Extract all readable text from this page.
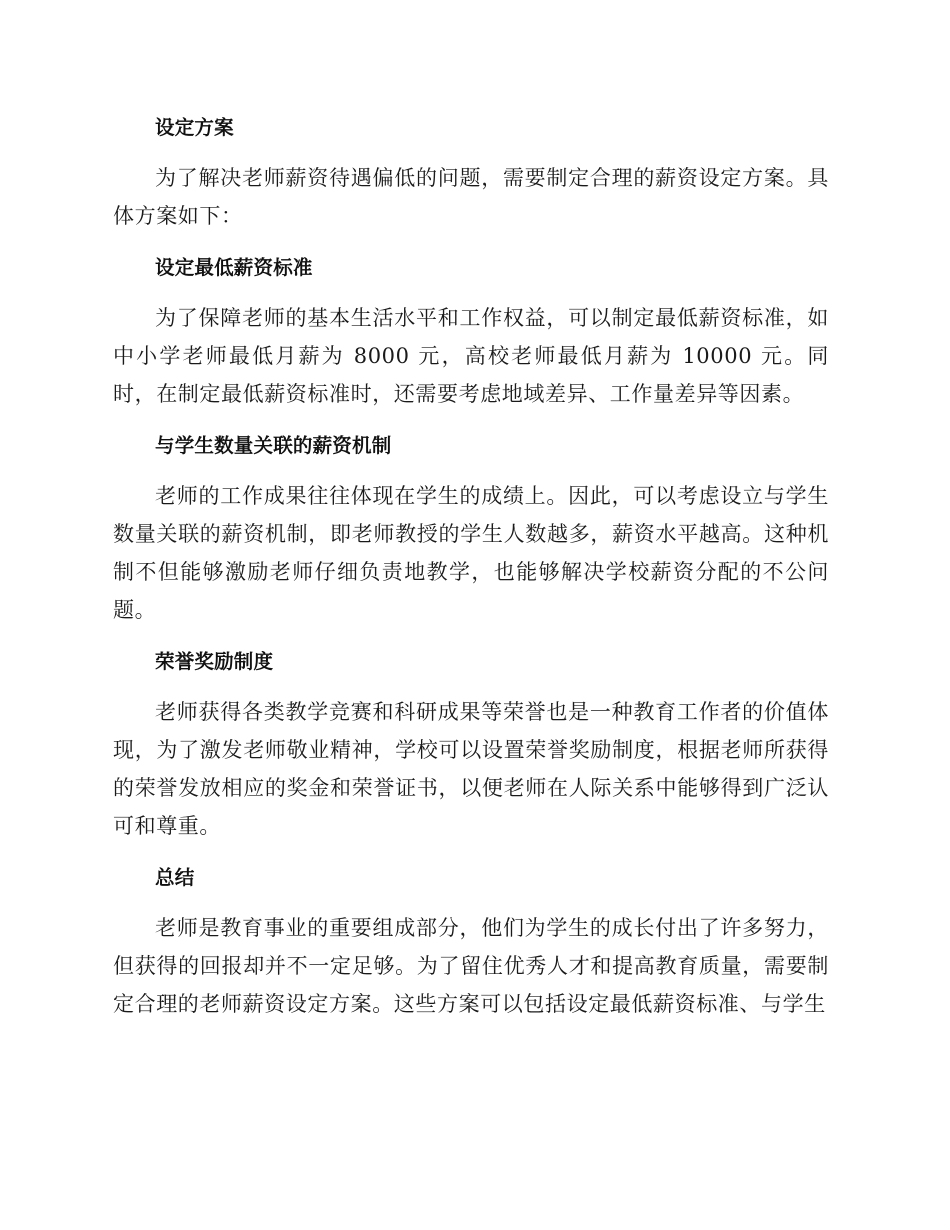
设定方案

为了解决老师薪资待遇偏低的问题，需要制定合理的薪资设定方案。具体方案如下：

设定最低薪资标准

为了保障老师的基本生活水平和工作权益，可以制定最低薪资标准，如中小学老师最低月薪为 8000 元，高校老师最低月薪为 10000 元。同时，在制定最低薪资标准时，还需要考虑地域差异、工作量差异等因素。

与学生数量关联的薪资机制

老师的工作成果往往体现在学生的成绩上。因此，可以考虑设立与学生数量关联的薪资机制，即老师教授的学生人数越多，薪资水平越高。这种机制不但能够激励老师仔细负责地教学，也能够解决学校薪资分配的不公问题。

荣誉奖励制度

老师获得各类教学竞赛和科研成果等荣誉也是一种教育工作者的价值体现，为了激发老师敬业精神，学校可以设置荣誉奖励制度，根据老师所获得的荣誉发放相应的奖金和荣誉证书，以便老师在人际关系中能够得到广泛认可和尊重。

总结

老师是教育事业的重要组成部分，他们为学生的成长付出了许多努力，但获得的回报却并不一定足够。为了留住优秀人才和提高教育质量，需要制定合理的老师薪资设定方案。这些方案可以包括设定最低薪资标准、与学生
